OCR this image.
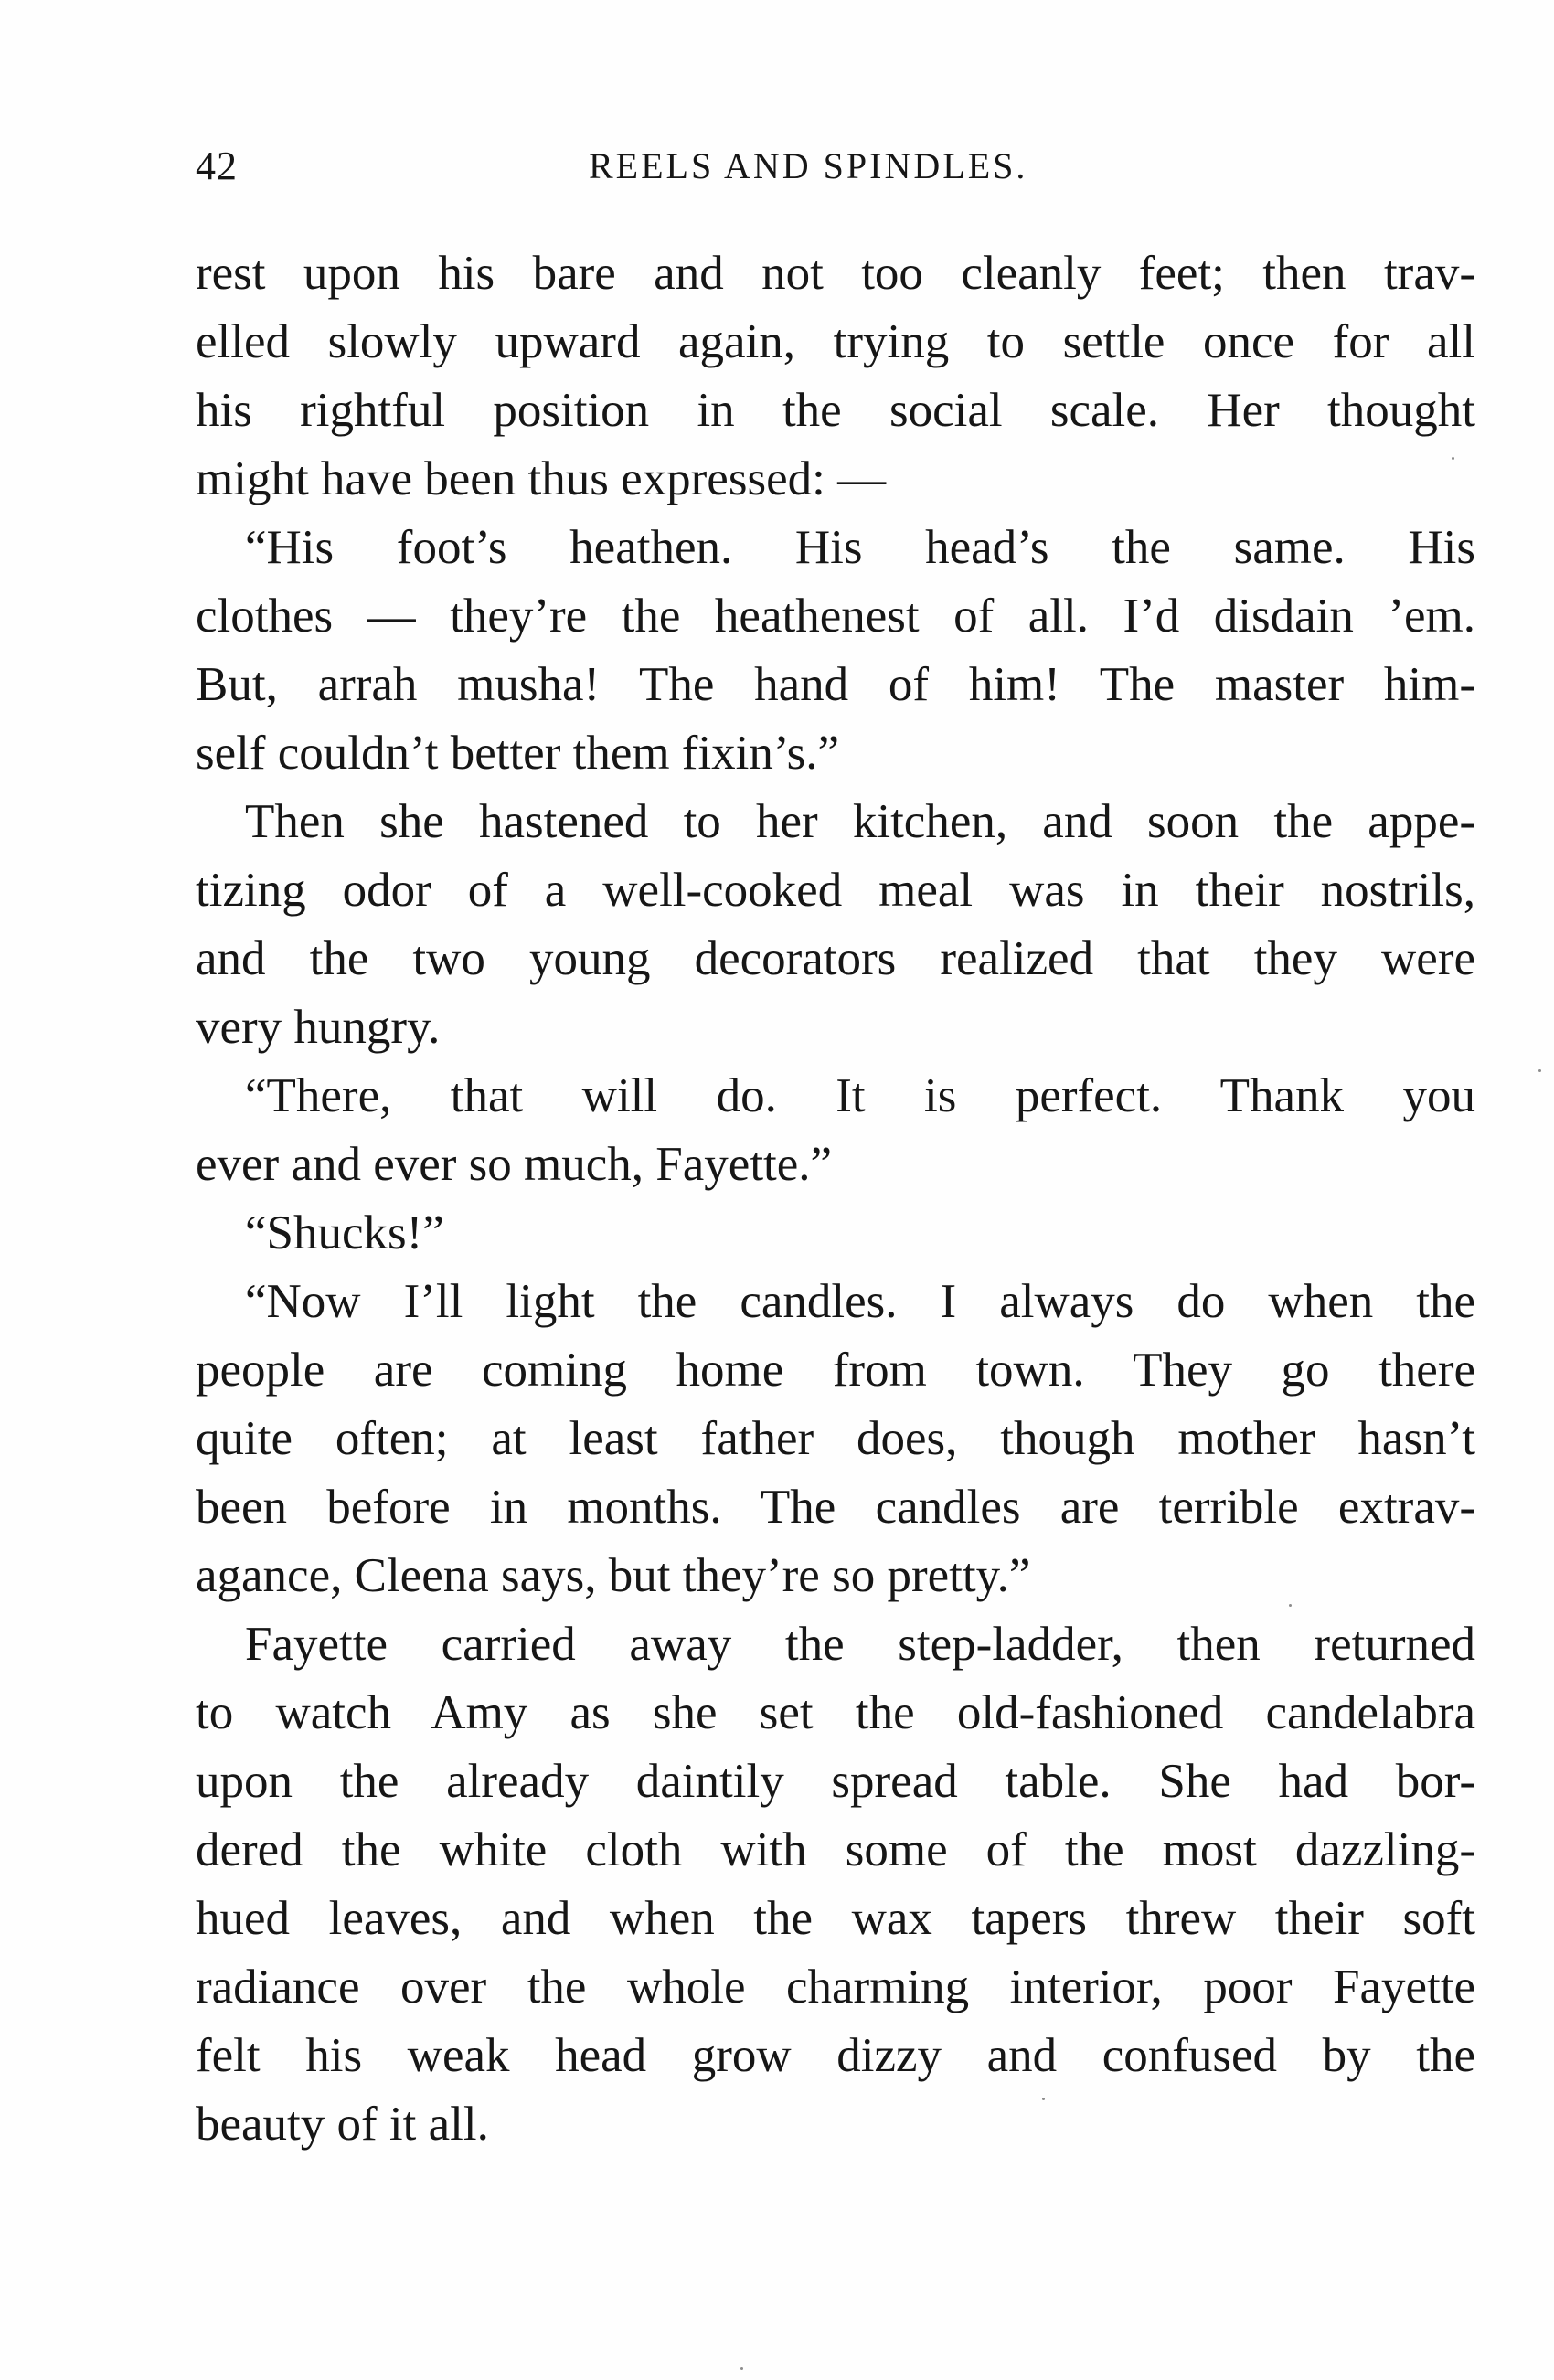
42	REELS AND SPINDLES.
rest upon his bare and not too cleanly feet; then trav-
elled slowly upward again, trying to settle once for all
his rightful position in the social scale. Her thought
might have been thus expressed: —
“His foot’s heathen. His head’s the same. His
clothes — they’re the heathenest of all. I’d disdain ’em.
But, arrah musha! The hand of him! The master him-
self couldn’t better them fixin’s.”
Then she hastened to her kitchen, and soon the appe-
tizing odor of a well-cooked meal was in their nostrils,
and the two young decorators realized that they were
very hungry.
“There, that will do. It is perfect. Thank you
ever and ever so much, Fayette.”
“Shucks!”
“Now I’ll light the candles. I always do when the
people are coming home from town. They go there
quite often; at least father does, though mother hasn’t
been before in months. The candles are terrible extrav-
agance, Cleena says, but they’re so pretty.”
Fayette carried away the step-ladder, then returned
to watch Amy as she set the old-fashioned candelabra
upon the already daintily spread table. She had bor-
dered the white cloth with some of the most dazzling-
hued leaves, and when the wax tapers threw their soft
radiance over the whole charming interior, poor Fayette
felt his weak head grow dizzy and confused by the
beauty of it all.
